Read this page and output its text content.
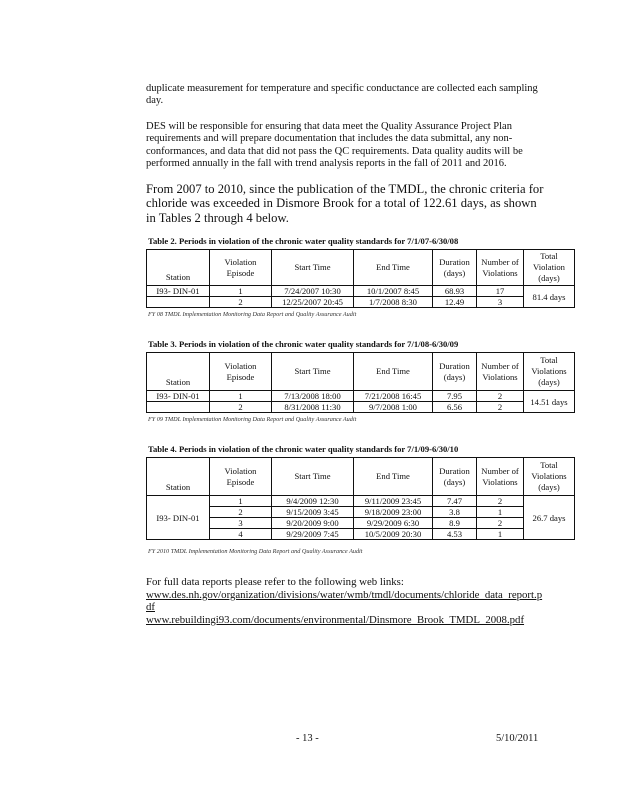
duplicate measurement for temperature and specific conductance are collected each sampling day.

DES will be responsible for ensuring that data meet the Quality Assurance Project Plan requirements and will prepare documentation that includes the data submittal, any non-conformances, and data that did not pass the QC requirements. Data quality audits will be performed annually in the fall with trend analysis reports in the fall of 2011 and 2016.

From 2007 to 2010, since the publication of the TMDL, the chronic criteria for chloride was exceeded in Dismore Brook for a total of 122.61 days, as shown in Tables 2 through 4 below.

Table 2. Periods in violation of the chronic water quality standards for 7/1/07-6/30/08
Station	Violation Episode	Start Time	End Time	Duration (days)	Number of Violations	Total Violation (days)
I93- DIN-01	1	7/24/2007 10:30	10/1/2007 8:45	68.93	17	81.4 days
	2	12/25/2007 20:45	1/7/2008 8:30	12.49	3	
FY 08 TMDL Implementation Monitoring Data Report and Quality Assurance Audit
Table 3. Periods in violation of the chronic water quality standards for 7/1/08-6/30/09
Station	Violation Episode	Start Time	End Time	Duration (days)	Number of Violations	Total Violations (days)
I93- DIN-01	1	7/13/2008 18:00	7/21/2008 16:45	7.95	2	14.51 days
	2	8/31/2008 11:30	9/7/2008 1:00	6.56	2	
FY 09 TMDL Implementation Monitoring Data Report and Quality Assurance Audit
Table 4. Periods in violation of the chronic water quality standards for 7/1/09-6/30/10
Station	Violation Episode	Start Time	End Time	Duration (days)	Number of Violations	Total Violations (days)
I93- DIN-01	1	9/4/2009 12:30	9/11/2009 23:45	7.47	2	26.7 days
	2	9/15/2009 3:45	9/18/2009 23:00	3.8	1	
	3	9/20/2009 9:00	9/29/2009 6:30	8.9	2	
	4	9/29/2009 7:45	10/5/2009 20:30	4.53	1	
FY 2010 TMDL Implementation Monitoring Data Report and Quality Assurance Audit
For full data reports please refer to the following web links:
www.des.nh.gov/organization/divisions/water/wmb/tmdl/documents/chloride_data_report.pdf
www.rebuildingi93.com/documents/environmental/Dinsmore_Brook_TMDL_2008.pdf
- 13 -	5/10/2011
